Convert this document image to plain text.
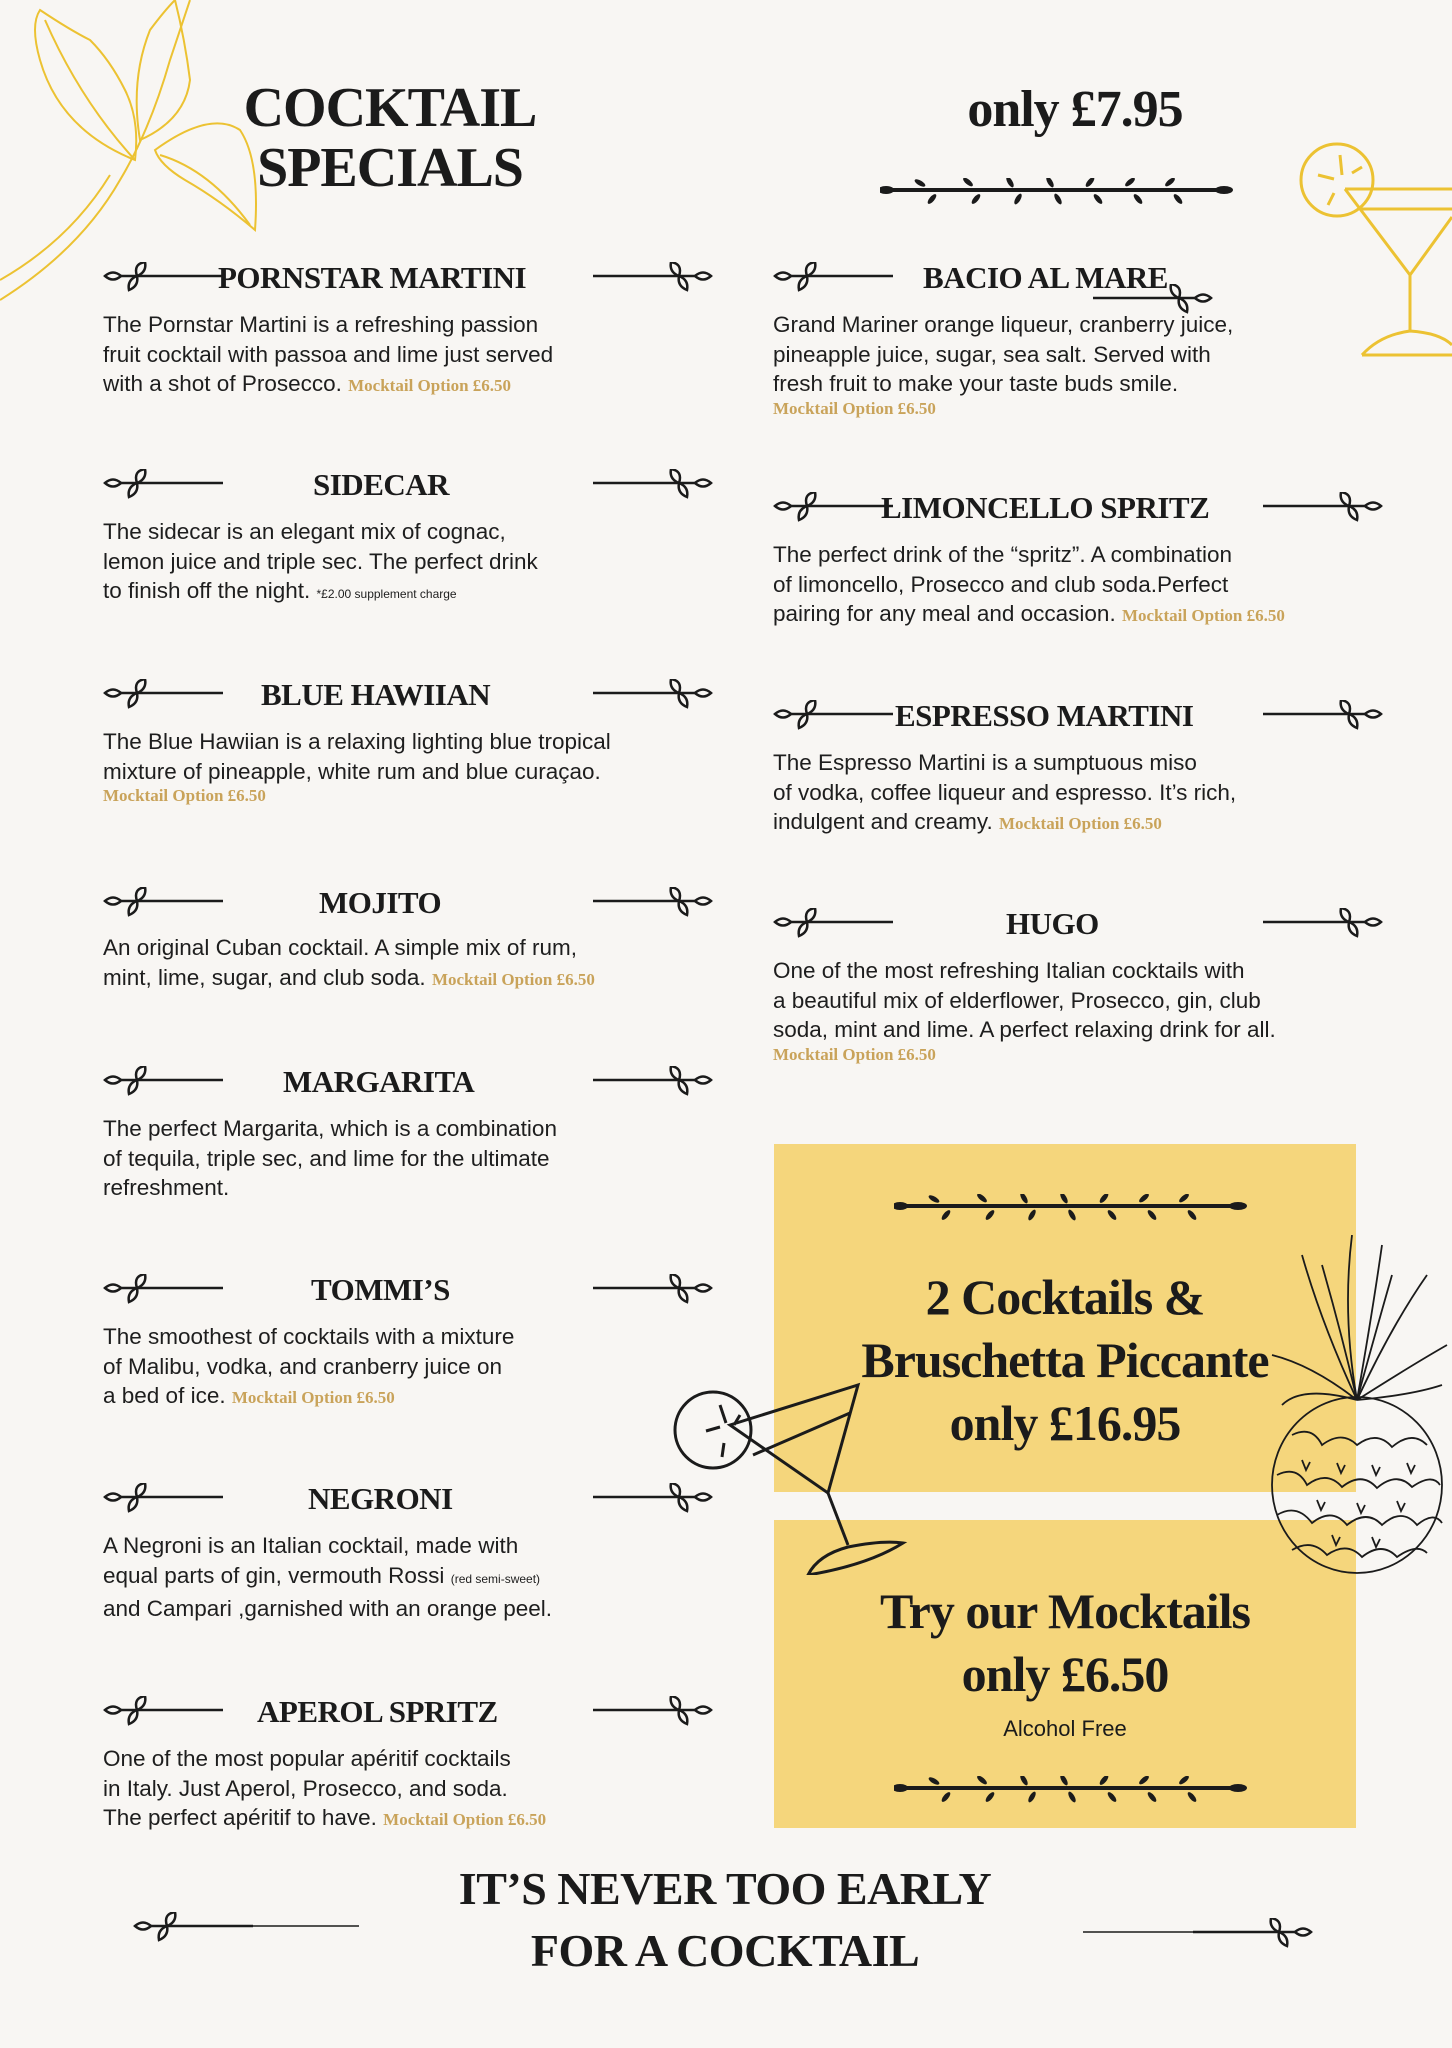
COCKTAIL
SPECIALS
only £7.95
PORNSTAR MARTINI
The Pornstar Martini is a refreshing passion
fruit cocktail with passoa and lime just served
with a shot of Prosecco. Mocktail Option £6.50
SIDECAR
The sidecar is an elegant mix of cognac,
lemon juice and triple sec. The perfect drink
to finish off the night. *£2.00 supplement charge
BLUE HAWIIAN
The Blue Hawiian is a relaxing lighting blue tropical
mixture of pineapple, white rum and blue curaçao.
Mocktail Option £6.50
MOJITO
An original Cuban cocktail. A simple mix of rum,
mint, lime, sugar, and club soda. Mocktail Option £6.50
MARGARITA
The perfect Margarita, which is a combination
of tequila, triple sec, and lime for the ultimate
refreshment.
TOMMI’S
The smoothest of cocktails with a mixture
of Malibu, vodka, and cranberry juice on
a bed of ice. Mocktail Option £6.50
NEGRONI
A Negroni is an Italian cocktail, made with
equal parts of gin, vermouth Rossi (red semi-sweet)
and Campari ,garnished with an orange peel.
APEROL SPRITZ
One of the most popular apéritif cocktails
in Italy. Just Aperol, Prosecco, and soda.
The perfect apéritif to have. Mocktail Option £6.50
BACIO AL MARE
Grand Mariner orange liqueur, cranberry juice,
pineapple juice, sugar, sea salt. Served with
fresh fruit to make your taste buds smile.
Mocktail Option £6.50
LIMONCELLO SPRITZ
The perfect drink of the “spritz”. A combination
of limoncello, Prosecco and club soda.Perfect
pairing for any meal and occasion. Mocktail Option £6.50
ESPRESSO MARTINI
The Espresso Martini is a sumptuous miso
of vodka, coffee liqueur and espresso. It’s rich,
indulgent and creamy. Mocktail Option £6.50
HUGO
One of the most refreshing Italian cocktails with
a beautiful mix of elderflower, Prosecco, gin, club
soda, mint and lime. A perfect relaxing drink for all.
Mocktail Option £6.50
2 Cocktails &
Bruschetta Piccante
only £16.95
Try our Mocktails
only £6.50
Alcohol Free
IT’S NEVER TOO EARLY
FOR A COCKTAIL
